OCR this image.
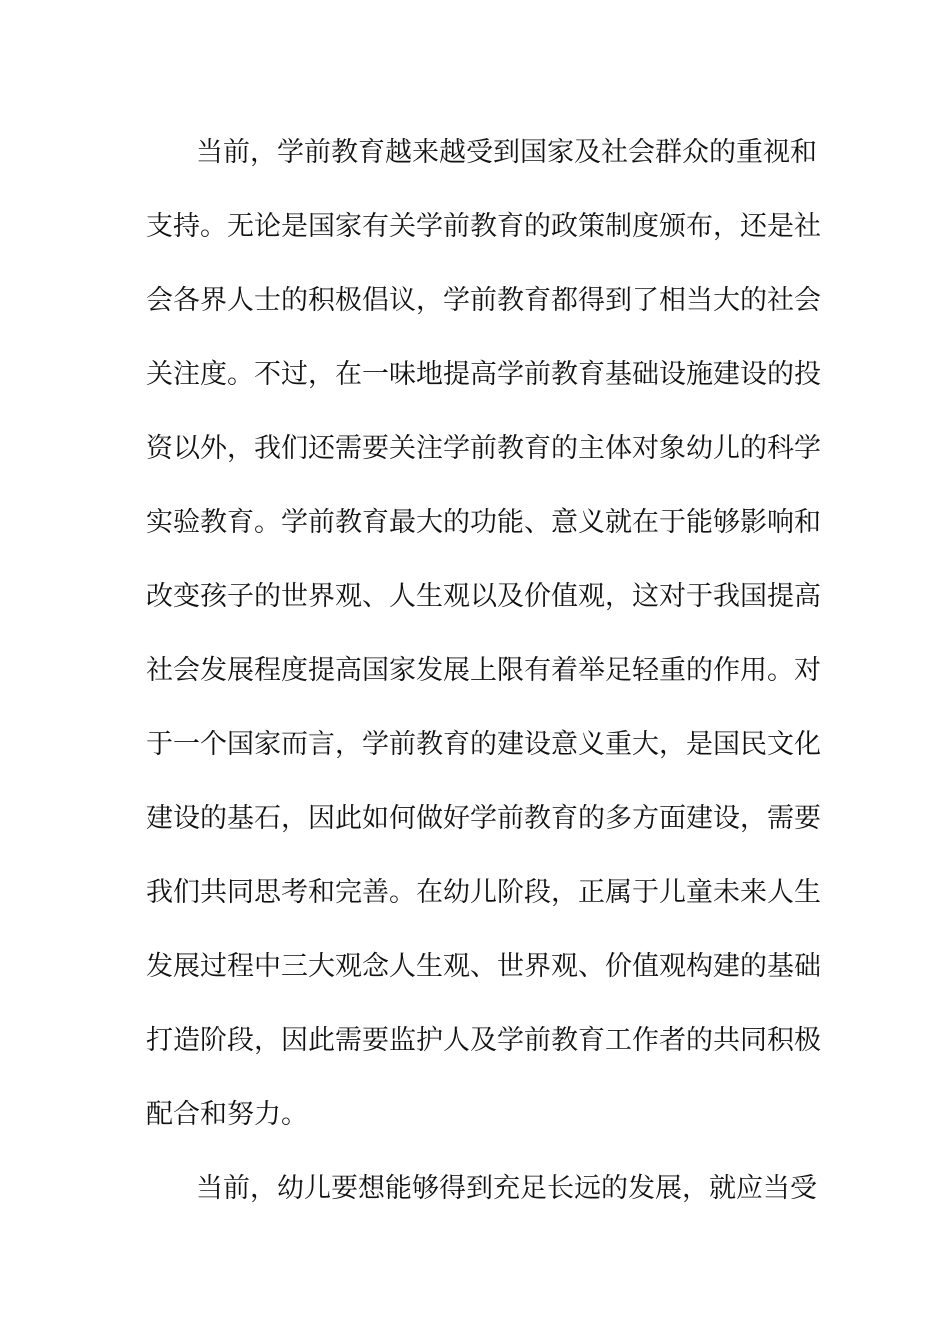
当前，学前教育越来越受到国家及社会群众的重视和
支持。无论是国家有关学前教育的政策制度颁布，还是社
会各界人士的积极倡议，学前教育都得到了相当大的社会
关注度。不过，在一味地提高学前教育基础设施建设的投
资以外，我们还需要关注学前教育的主体对象幼儿的科学
实验教育。学前教育最大的功能、意义就在于能够影响和
改变孩子的世界观、人生观以及价值观，这对于我国提高
社会发展程度提高国家发展上限有着举足轻重的作用。对
于一个国家而言，学前教育的建设意义重大，是国民文化
建设的基石，因此如何做好学前教育的多方面建设，需要
我们共同思考和完善。在幼儿阶段，正属于儿童未来人生
发展过程中三大观念人生观、世界观、价值观构建的基础
打造阶段，因此需要监护人及学前教育工作者的共同积极
配合和努力。
当前，幼儿要想能够得到充足长远的发展，就应当受
